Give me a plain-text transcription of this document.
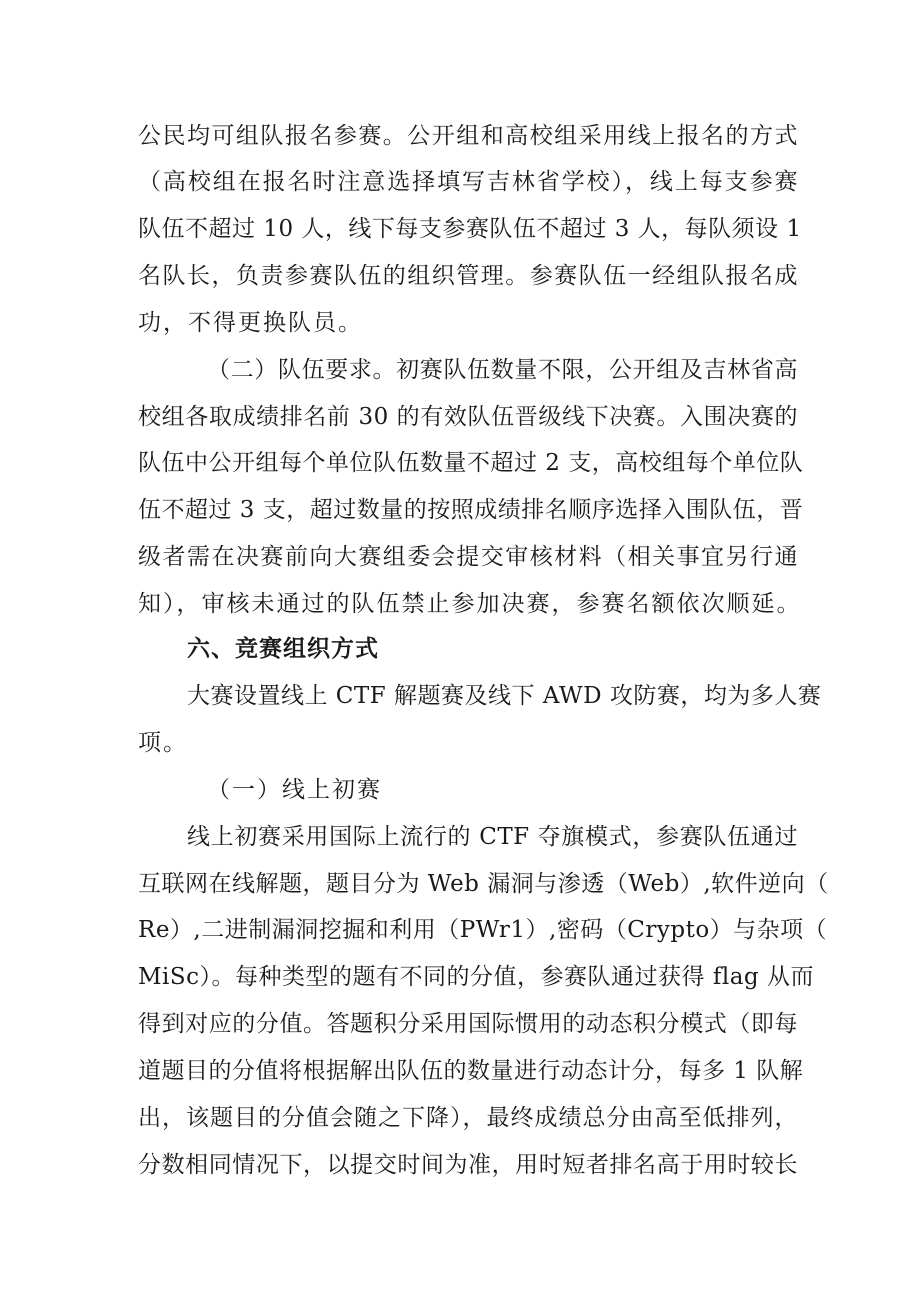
公民均可组队报名参赛。公开组和高校组采用线上报名的方式
（高校组在报名时注意选择填写吉林省学校），线上每支参赛
队伍不超过 10 人，线下每支参赛队伍不超过 3 人，每队须设 1
名队长，负责参赛队伍的组织管理。参赛队伍一经组队报名成
功，不得更换队员。
（二）队伍要求。初赛队伍数量不限，公开组及吉林省高
校组各取成绩排名前 30 的有效队伍晋级线下决赛。入围决赛的
队伍中公开组每个单位队伍数量不超过 2 支，高校组每个单位队
伍不超过 3 支，超过数量的按照成绩排名顺序选择入围队伍，晋
级者需在决赛前向大赛组委会提交审核材料（相关事宜另行通
知），审核未通过的队伍禁止参加决赛，参赛名额依次顺延。
六、竞赛组织方式
大赛设置线上 CTF 解题赛及线下 AWD 攻防赛，均为多人赛
项。
（一）线上初赛
线上初赛采用国际上流行的 CTF 夺旗模式，参赛队伍通过
互联网在线解题，题目分为 Web 漏洞与渗透（Web）,软件逆向（
Re）,二进制漏洞挖掘和利用（PWr1）,密码（Crypto）与杂项（
MiSc）。每种类型的题有不同的分值，参赛队通过获得 flag 从而
得到对应的分值。答题积分采用国际惯用的动态积分模式（即每
道题目的分值将根据解出队伍的数量进行动态计分，每多 1 队解
出，该题目的分值会随之下降），最终成绩总分由高至低排列，
分数相同情况下，以提交时间为准，用时短者排名高于用时较长
